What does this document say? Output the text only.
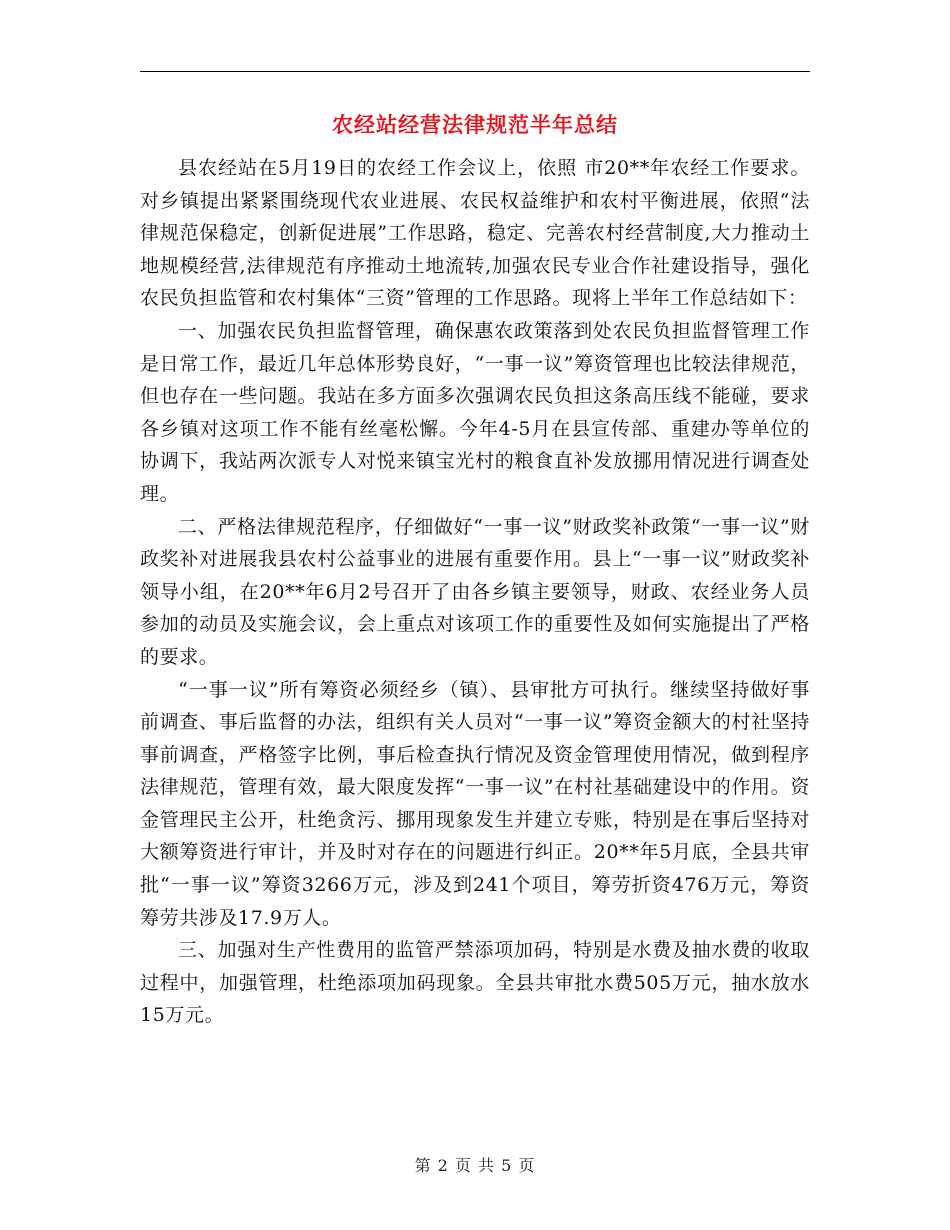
农经站经营法律规范半年总结

县农经站在5月19日的农经工作会议上，依照 市20**年农经工作要求。对乡镇提出紧紧围绕现代农业进展、农民权益维护和农村平衡进展，依照“法律规范保稳定，创新促进展”工作思路，稳定、完善农村经营制度,大力推动土地规模经营,法律规范有序推动土地流转,加强农民专业合作社建设指导，强化农民负担监管和农村集体“三资”管理的工作思路。现将上半年工作总结如下：

一、加强农民负担监督管理，确保惠农政策落到处农民负担监督管理工作是日常工作，最近几年总体形势良好，“一事一议”筹资管理也比较法律规范，但也存在一些问题。我站在多方面多次强调农民负担这条高压线不能碰，要求各乡镇对这项工作不能有丝毫松懈。今年4-5月在县宣传部、重建办等单位的协调下，我站两次派专人对悦来镇宝光村的粮食直补发放挪用情况进行调查处理。

二、严格法律规范程序，仔细做好“一事一议”财政奖补政策“一事一议”财政奖补对进展我县农村公益事业的进展有重要作用。县上“一事一议”财政奖补领导小组，在20**年6月2号召开了由各乡镇主要领导，财政、农经业务人员参加的动员及实施会议，会上重点对该项工作的重要性及如何实施提出了严格的要求。

“一事一议”所有筹资必须经乡（镇）、县审批方可执行。继续坚持做好事前调查、事后监督的办法，组织有关人员对“一事一议”筹资金额大的村社坚持事前调查，严格签字比例，事后检查执行情况及资金管理使用情况，做到程序法律规范，管理有效，最大限度发挥“一事一议”在村社基础建设中的作用。资金管理民主公开，杜绝贪污、挪用现象发生并建立专账，特别是在事后坚持对大额筹资进行审计，并及时对存在的问题进行纠正。20**年5月底，全县共审批“一事一议”筹资3266万元，涉及到241个项目，筹劳折资476万元，筹资筹劳共涉及17.9万人。

三、加强对生产性费用的监管严禁添项加码，特别是水费及抽水费的收取过程中，加强管理，杜绝添项加码现象。全县共审批水费505万元，抽水放水15万元。

第 2 页 共 5 页
